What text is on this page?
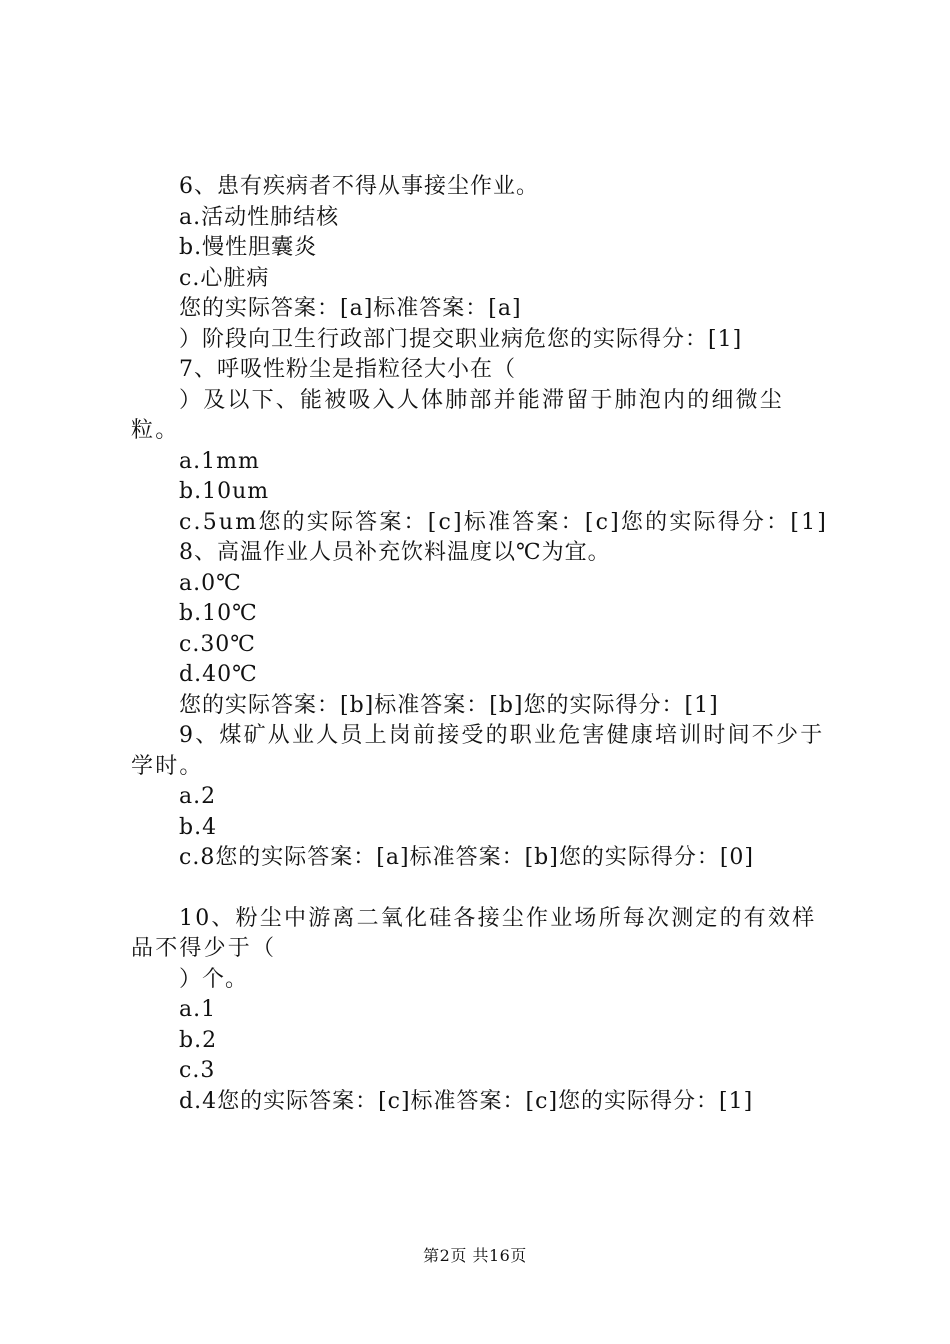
6、患有疾病者不得从事接尘作业。
a.活动性肺结核
b.慢性胆囊炎
c.心脏病
您的实际答案：[a]标准答案：[a]
）阶段向卫生行政部门提交职业病危您的实际得分：[1]
7、呼吸性粉尘是指粒径大小在（
）及以下、能被吸入人体肺部并能滞留于肺泡内的细微尘粒。
a.1mm
b.10um
c.5um您的实际答案：[c]标准答案：[c]您的实际得分：[1]
8、高温作业人员补充饮料温度以℃为宜。
a.0℃
b.10℃
c.30℃
d.40℃
您的实际答案：[b]标准答案：[b]您的实际得分：[1]
9、煤矿从业人员上岗前接受的职业危害健康培训时间不少于学时。
a.2
b.4
c.8您的实际答案：[a]标准答案：[b]您的实际得分：[0]
10、粉尘中游离二氧化硅各接尘作业场所每次测定的有效样品不得少于（
）个。
a.1
b.2
c.3
d.4您的实际答案：[c]标准答案：[c]您的实际得分：[1]
第2页 共16页
